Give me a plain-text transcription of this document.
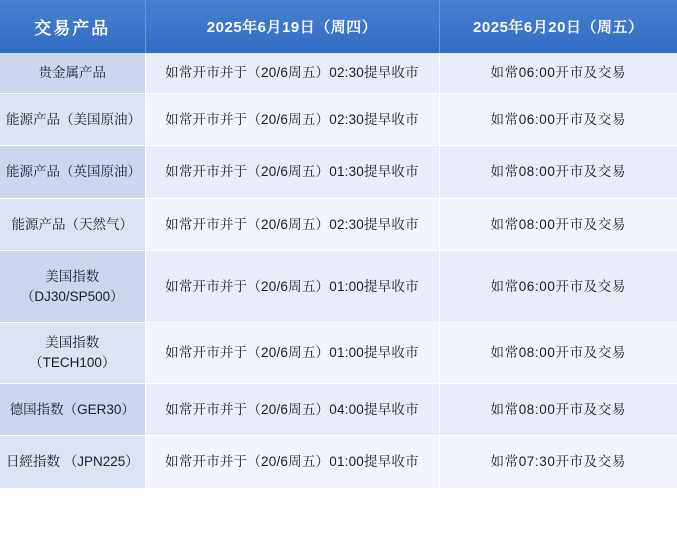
交易产品	2025年6月19日（周四）	2025年6月20日（周五）
贵金属产品	如常开市并于（20/6周五）02:30提早收市	如常06:00开市及交易
能源产品（美国原油）	如常开市并于（20/6周五）02:30提早收市	如常06:00开市及交易
能源产品（英国原油）	如常开市并于（20/6周五）01:30提早收市	如常08:00开市及交易
能源产品（天然气）	如常开市并于（20/6周五）02:30提早收市	如常08:00开市及交易
美国指数（DJ30/SP500）	如常开市并于（20/6周五）01:00提早收市	如常06:00开市及交易
美国指数（TECH100）	如常开市并于（20/6周五）01:00提早收市	如常08:00开市及交易
德国指数（GER30）	如常开市并于（20/6周五）04:00提早收市	如常08:00开市及交易
日經指数 （JPN225）	如常开市并于（20/6周五）01:00提早收市	如常07:30开市及交易
